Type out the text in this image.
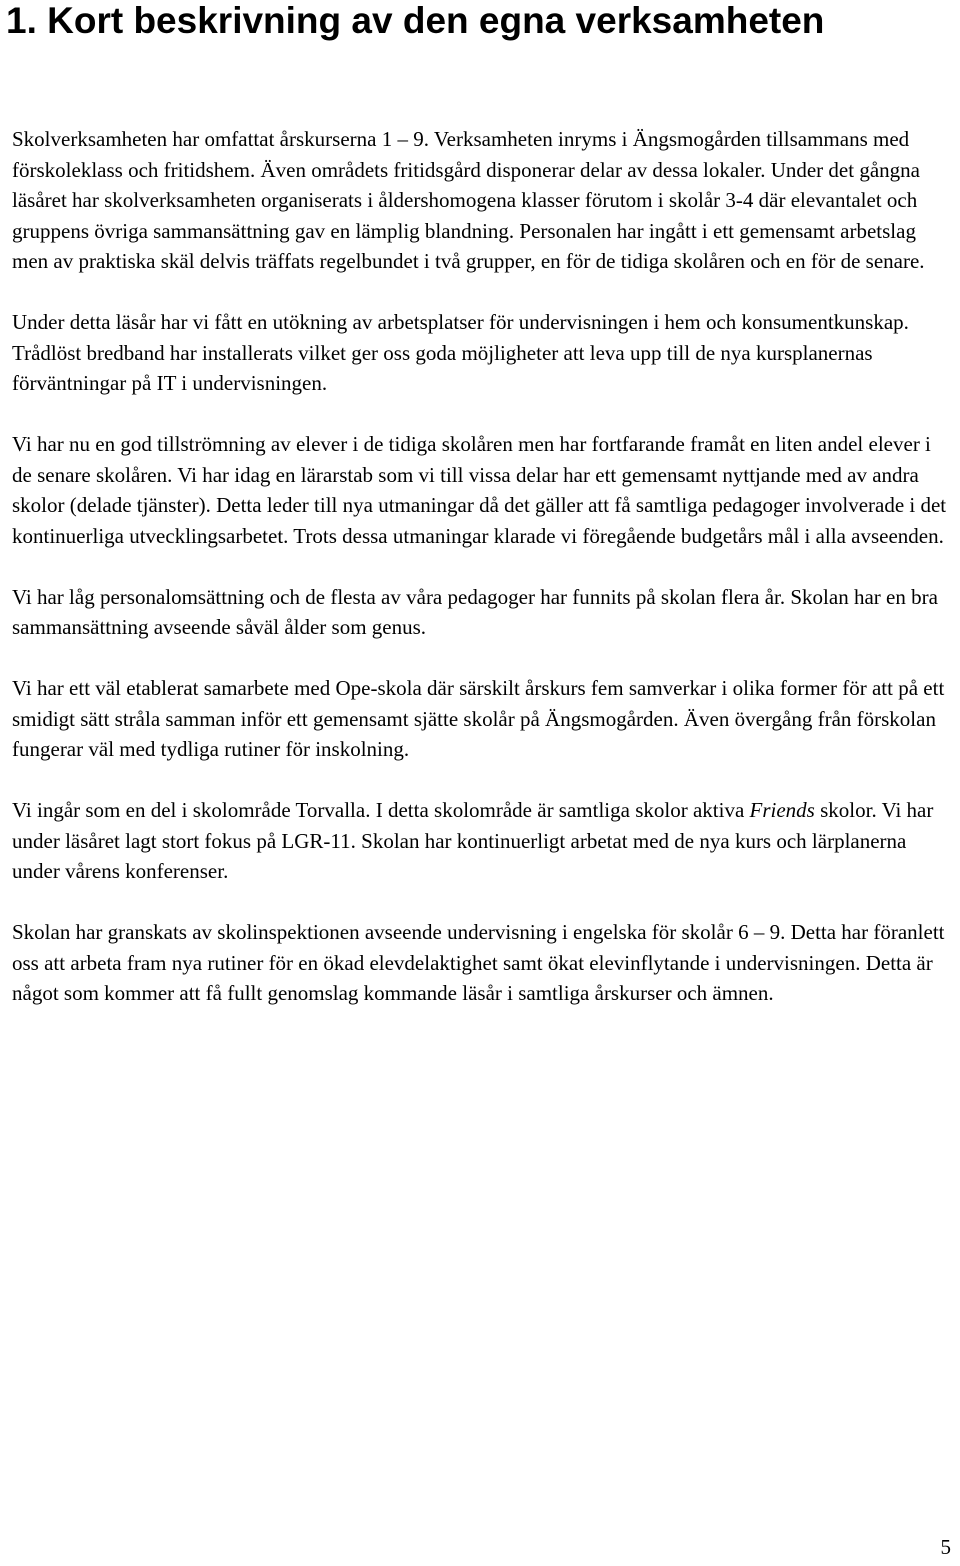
1. Kort beskrivning av den egna verksamheten

Skolverksamheten har omfattat årskurserna 1 – 9. Verksamheten inryms i Ängsmogården tillsammans med förskoleklass och fritidshem. Även områdets fritidsgård disponerar delar av dessa lokaler. Under det gångna läsåret har skolverksamheten organiserats i åldershomogena klasser förutom i skolår 3-4 där elevantalet och gruppens övriga sammansättning gav en lämplig blandning. Personalen har ingått i ett gemensamt arbetslag men av praktiska skäl delvis träffats regelbundet i två grupper, en för de tidiga skolåren och en för de senare.

Under detta läsår har vi fått en utökning av arbetsplatser för undervisningen i hem och konsumentkunskap. Trådlöst bredband har installerats vilket ger oss goda möjligheter att leva upp till de nya kursplanernas förväntningar på IT i undervisningen.

Vi har nu en god tillströmning av elever i de tidiga skolåren men har fortfarande framåt en liten andel elever i de senare skolåren. Vi har idag en lärarstab som vi till vissa delar har ett gemensamt nyttjande med av andra skolor (delade tjänster). Detta leder till nya utmaningar då det gäller att få samtliga pedagoger involverade i det kontinuerliga utvecklingsarbetet. Trots dessa utmaningar klarade vi föregående budgetårs mål i alla avseenden.

Vi har låg personalomsättning och de flesta av våra pedagoger har funnits på skolan flera år. Skolan har en bra sammansättning avseende såväl ålder som genus.

Vi har ett väl etablerat samarbete med Ope-skola där särskilt årskurs fem samverkar i olika former för att på ett smidigt sätt stråla samman inför ett gemensamt sjätte skolår på Ängsmogården. Även övergång från förskolan fungerar väl med tydliga rutiner för inskolning.

Vi ingår som en del i skolområde Torvalla. I detta skolområde är samtliga skolor aktiva Friends skolor. Vi har under läsåret lagt stort fokus på LGR-11. Skolan har kontinuerligt arbetat med de nya kurs och lärplanerna under vårens konferenser.

Skolan har granskats av skolinspektionen avseende undervisning i engelska för skolår 6 – 9. Detta har föranlett oss att arbeta fram nya rutiner för en ökad elevdelaktighet samt ökat elevinflytande i undervisningen. Detta är något som kommer att få fullt genomslag kommande läsår i samtliga årskurser och ämnen.

5
